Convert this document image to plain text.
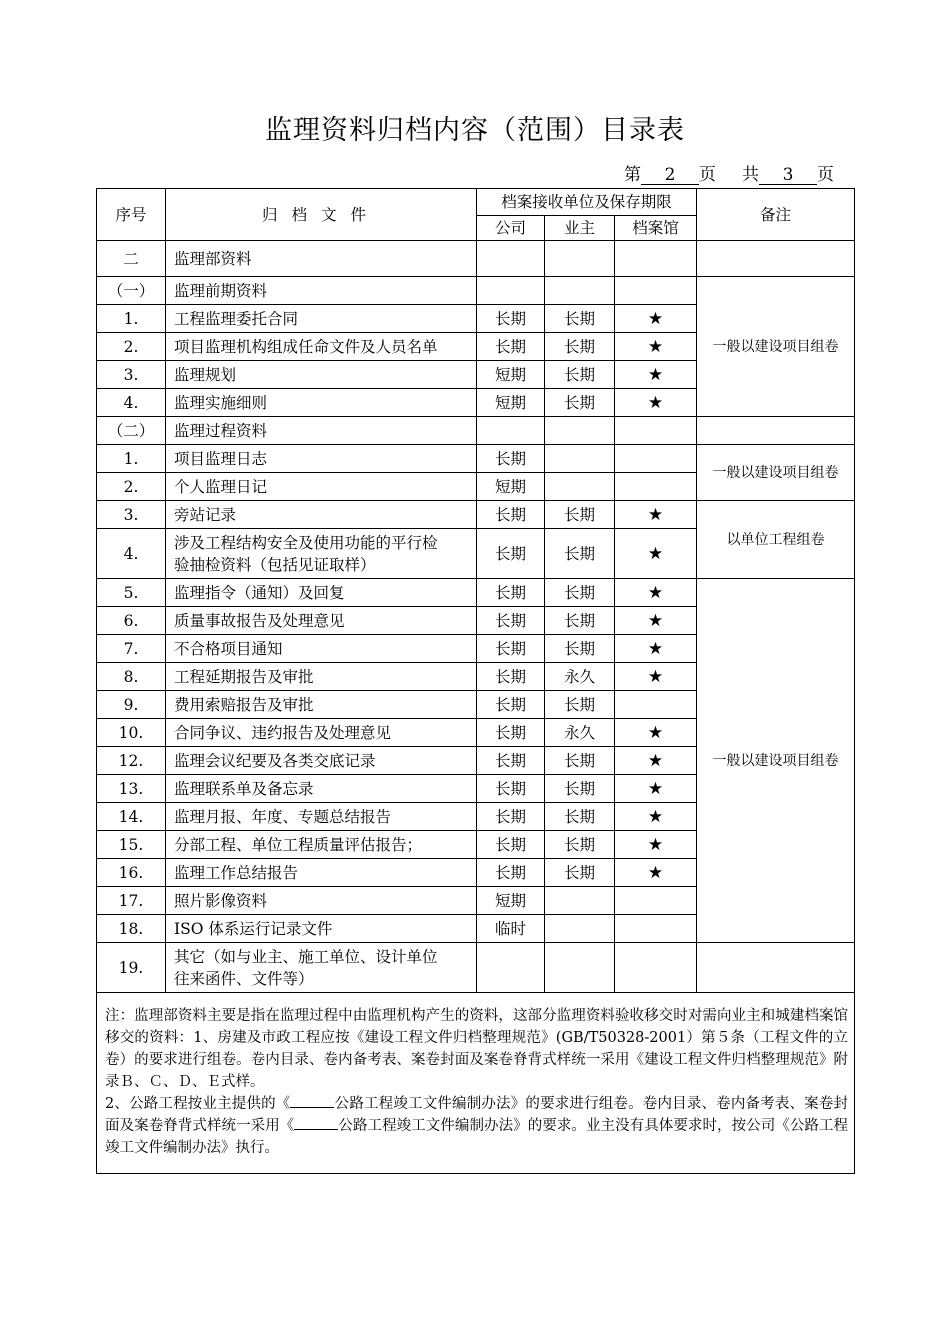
监理资料归档内容（范围）目录表
第 2 页 共 3 页
序号	归档文件	档案接收单位及保存期限			备注
		公司	业主	档案馆	
二	监理部资料				
（一）	监理前期资料				一般以建设项目组卷
1.	工程监理委托合同	长期	长期	★	
2.	项目监理机构组成任命文件及人员名单	长期	长期	★	
3.	监理规划	短期	长期	★	
4.	监理实施细则	短期	长期	★	
（二）	监理过程资料				
1.	项目监理日志	长期			一般以建设项目组卷
2.	个人监理日记	短期			
3.	旁站记录	长期	长期	★	以单位工程组卷
4.	涉及工程结构安全及使用功能的平行检
验抽检资料（包括见证取样）	长期	长期	★	
5.	监理指令（通知）及回复	长期	长期	★	一般以建设项目组卷
6.	质量事故报告及处理意见	长期	长期	★	
7.	不合格项目通知	长期	长期	★	
8.	工程延期报告及审批	长期	永久	★	
9.	费用索赔报告及审批	长期	长期		
10.	合同争议、违约报告及处理意见	长期	永久	★	
12.	监理会议纪要及各类交底记录	长期	长期	★	
13.	监理联系单及备忘录	长期	长期	★	
14.	监理月报、年度、专题总结报告	长期	长期	★	
15.	分部工程、单位工程质量评估报告；	长期	长期	★	
16.	监理工作总结报告	长期	长期	★	
17.	照片影像资料	短期			
18.	ISO 体系运行记录文件	临时			
19.	其它（如与业主、施工单位、设计单位
往来函件、文件等）				

注：监理部资料主要是指在监理过程中由监理机构产生的资料，这部分监理资料验收移交时对需向业主和城建档案馆移交的资料：1、房建及市政工程应按《建设工程文件归档整理规范》(GB/T50328-2001）第５条（工程文件的立卷）的要求进行组卷。卷内目录、卷内备考表、案卷封面及案卷脊背式样统一采用《建设工程文件归档整理规范》附录Ｂ、Ｃ、Ｄ、Ｅ式样。
2、公路工程按业主提供的《 公路工程竣工文件编制办法》的要求进行组卷。卷内目录、卷内备考表、案卷封面及案卷脊背式样统一采用《 公路工程竣工文件编制办法》的要求。业主没有具体要求时，按公司《公路工程竣工文件编制办法》执行。					
